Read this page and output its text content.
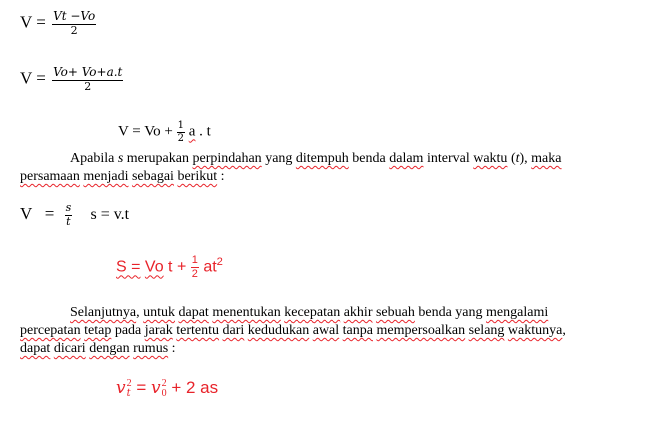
$V = \frac{Vt -Vo}{2}$
$V = \frac{Vo+ Vo+a.t}{2}$
$V = Vo + \frac{1}{2}$ a . t
Apabila s merupakan perpindahan yang ditempuh benda dalam interval waktu (t), maka
persamaan menjadi sebagai berikut :
$V = \frac{s}{t}$ s = v.t
S = Vo $t + \frac{1}{2} at^2$
Selanjutnya, untuk dapat menentukan kecepatan akhir sebuah benda yang mengalami
percepatan tetap pada jarak tertentu dari kedudukan awal tanpa mempersoalkan selang waktunya,
dapat dicari dengan rumus :
v 2
t = v 2
0 + 2 as
